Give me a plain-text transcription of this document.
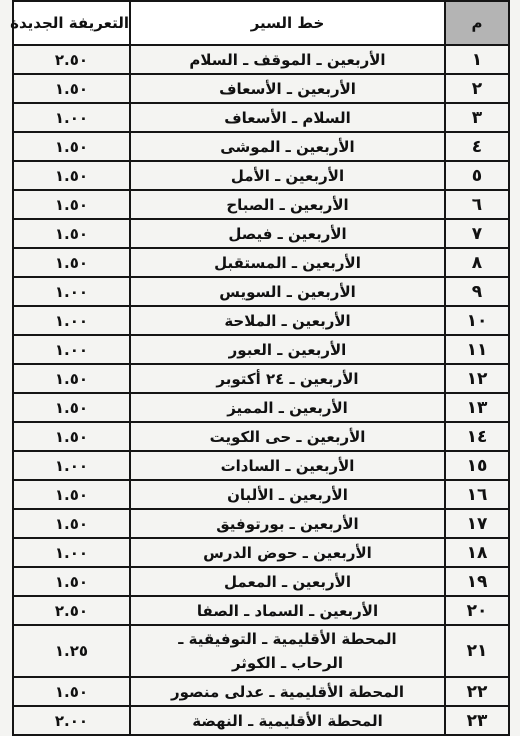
م	خط السير	التعريفة الجديدة
١	الأربعين ـ الموقف ـ السلام	٢.٥٠
٢	الأربعين ـ الأسعاف	١.٥٠
٣	السلام ـ الأسعاف	١.٠٠
٤	الأربعين ـ الموشى	١.٥٠
٥	الأربعين ـ الأمل	١.٥٠
٦	الأربعين ـ الصباح	١.٥٠
٧	الأربعين ـ فيصل	١.٥٠
٨	الأربعين ـ المستقبل	١.٥٠
٩	الأربعين ـ السويس	١.٠٠
١٠	الأربعين ـ الملاحة	١.٠٠
١١	الأربعين ـ العبور	١.٠٠
١٢	الأربعين ـ ٢٤ أكتوبر	١.٥٠
١٣	الأربعين ـ المميز	١.٥٠
١٤	الأربعين ـ حى الكويت	١.٥٠
١٥	الأربعين ـ السادات	١.٠٠
١٦	الأربعين ـ الألبان	١.٥٠
١٧	الأربعين ـ بورتوفيق	١.٥٠
١٨	الأربعين ـ حوض الدرس	١.٠٠
١٩	الأربعين ـ المعمل	١.٥٠
٢٠	الأربعين ـ السماد ـ الصفا	٢.٥٠
٢١	المحطة الأقليمية ـ التوفيقية ـ
الرحاب ـ الكوثر	١.٢٥
٢٢	المحطة الأقليمية ـ عدلى منصور	١.٥٠
٢٣	المحطة الأقليمية ـ النهضة	٢.٠٠
